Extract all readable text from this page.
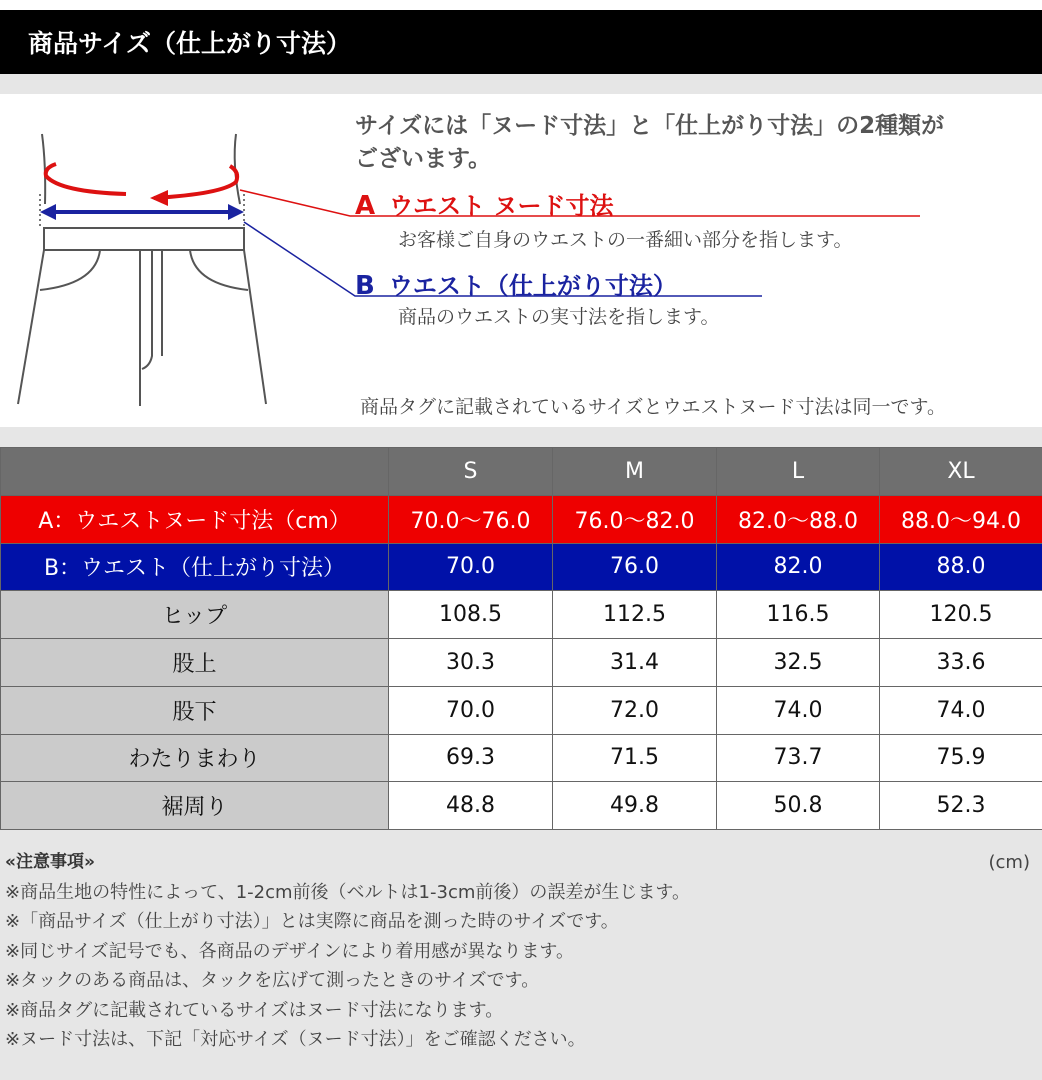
商品サイズ（仕上がり寸法）
サイズには「ヌード寸法」と「仕上がり寸法」の2種類が
ございます。
A ウエスト ヌード寸法
お客様ご自身のウエストの一番細い部分を指します。
B ウエスト（仕上がり寸法）
商品のウエストの実寸法を指します。
商品タグに記載されているサイズとウエストヌード寸法は同一です。
	S	M	L	XL
A：ウエストヌード寸法（cm）	70.0〜76.0	76.0〜82.0	82.0〜88.0	88.0〜94.0
B：ウエスト（仕上がり寸法）	70.0	76.0	82.0	88.0
ヒップ	108.5	112.5	116.5	120.5
股上	30.3	31.4	32.5	33.6
股下	70.0	72.0	74.0	74.0
わたりまわり	69.3	71.5	73.7	75.9
裾周り	48.8	49.8	50.8	52.3
(cm)
«注意事項»
※商品生地の特性によって、1-2cm前後（ベルトは1-3cm前後）の誤差が生じます。
※「商品サイズ（仕上がり寸法）」とは実際に商品を測った時のサイズです。
※同じサイズ記号でも、各商品のデザインにより着用感が異なります。
※タックのある商品は、タックを広げて測ったときのサイズです。
※商品タグに記載されているサイズはヌード寸法になります。
※ヌード寸法は、下記「対応サイズ（ヌード寸法）」をご確認ください。
